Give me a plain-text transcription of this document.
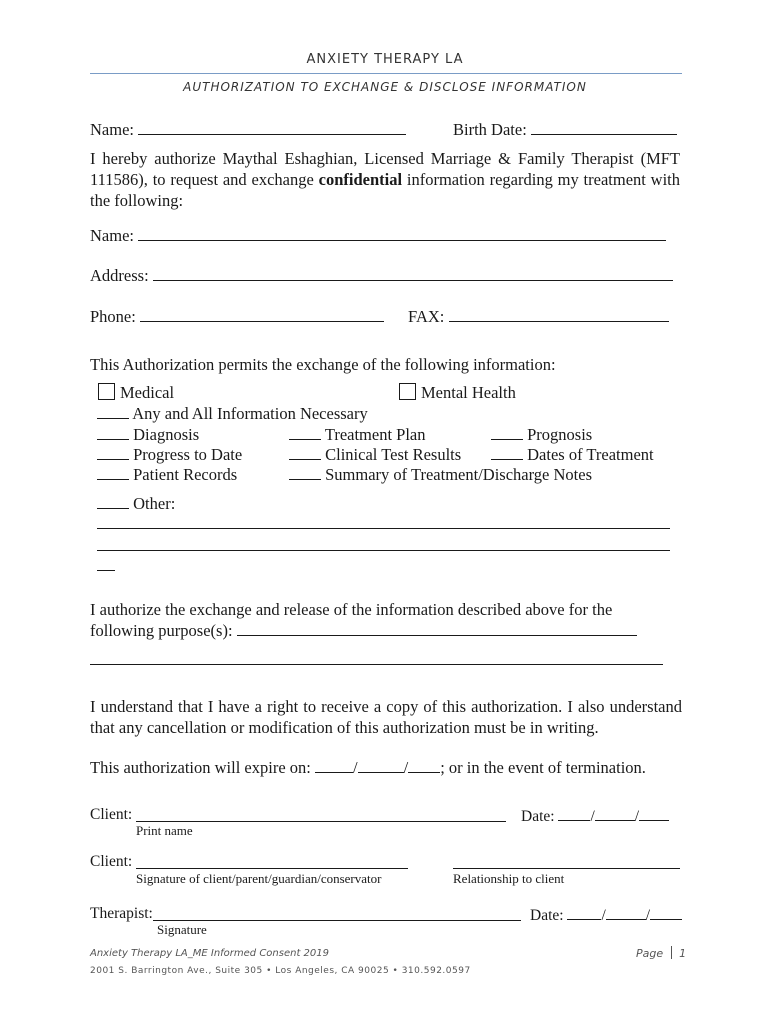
ANXIETY THERAPY LA
AUTHORIZATION TO EXCHANGE & DISCLOSE INFORMATION
Name:	Birth Date:
I hereby authorize Maythal Eshaghian, Licensed Marriage & Family Therapist (MFT 111586), to request and exchange confidential information regarding my treatment with the following:
Name:
Address:
Phone:	FAX:
This Authorization permits the exchange of the following information:
Medical	Mental Health
Any and All Information Necessary
Diagnosis	Treatment Plan	Prognosis
Progress to Date	Clinical Test Results	Dates of Treatment
Patient Records	Summary of Treatment/Discharge Notes
Other:
I authorize the exchange and release of the information described above for the
following purpose(s):
I understand that I have a right to receive a copy of this authorization. I also understand that any cancellation or modification of this authorization must be in writing.
This authorization will expire on:	/	/ ; or in the event of termination.
Client:	Date: /	/
Print name
Client:
Signature of client/parent/guardian/conservator	Relationship to client
Therapist:	Date: /	/
Signature
Anxiety Therapy LA_ME Informed Consent 2019	Page 1
2001 S. Barrington Ave., Suite 305 • Los Angeles, CA 90025 • 310.592.0597
